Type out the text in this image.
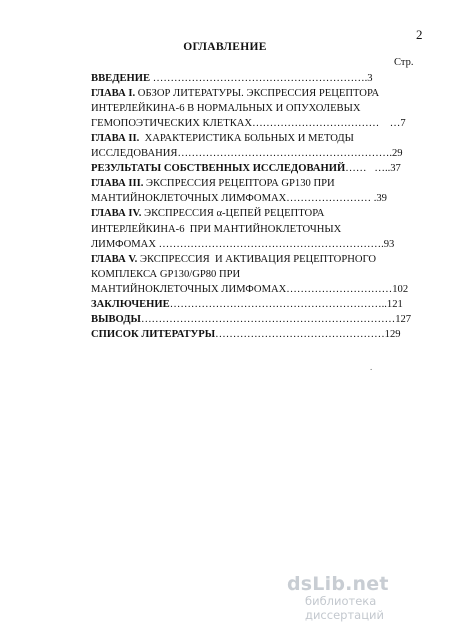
2
ОГЛАВЛЕНИЕ
Стр.
ВВЕДЕНИЕ …………………………………………………….3
ГЛАВА I. ОБЗОР ЛИТЕРАТУРЫ. ЭКСПРЕССИЯ РЕЦЕПТОРА
ИНТЕРЛЕЙКИНА-6 В НОРМАЛЬНЫХ И ОПУХОЛЕВЫХ
ГЕМОПОЭТИЧЕСКИХ КЛЕТКАХ………………………………    …7
ГЛАВА II.  ХАРАКТЕРИСТИКА БОЛЬНЫХ И МЕТОДЫ
ИССЛЕДОВАНИЯ…………………………………………………….29
РЕЗУЛЬТАТЫ СОБСТВЕННЫХ ИССЛЕДОВАНИЙ……   …..37
ГЛАВА III. ЭКСПРЕССИЯ РЕЦЕПТОРА GP130 ПРИ
МАНТИЙНОКЛЕТОЧНЫХ ЛИМФОМАХ…………………… .39
ГЛАВА IV. ЭКСПРЕССИЯ α-ЦЕПЕЙ РЕЦЕПТОРА
ИНТЕРЛЕЙКИНА-6  ПРИ МАНТИЙНОКЛЕТОЧНЫХ
ЛИМФОМАХ ……………………………………………………….93
ГЛАВА V. ЭКСПРЕССИЯ  И АКТИВАЦИЯ РЕЦЕПТОРНОГО
КОМПЛЕКСА GP130/GP80 ПРИ
МАНТИЙНОКЛЕТОЧНЫХ ЛИМФОМАХ…………………………102
ЗАКЛЮЧЕНИЕ……………………………………………………..121
ВЫВОДЫ………………………………………………………………127
СПИСОК ЛИТЕРАТУРЫ…………………………………………129
.
dsLib.net
библиотека диссертаций
